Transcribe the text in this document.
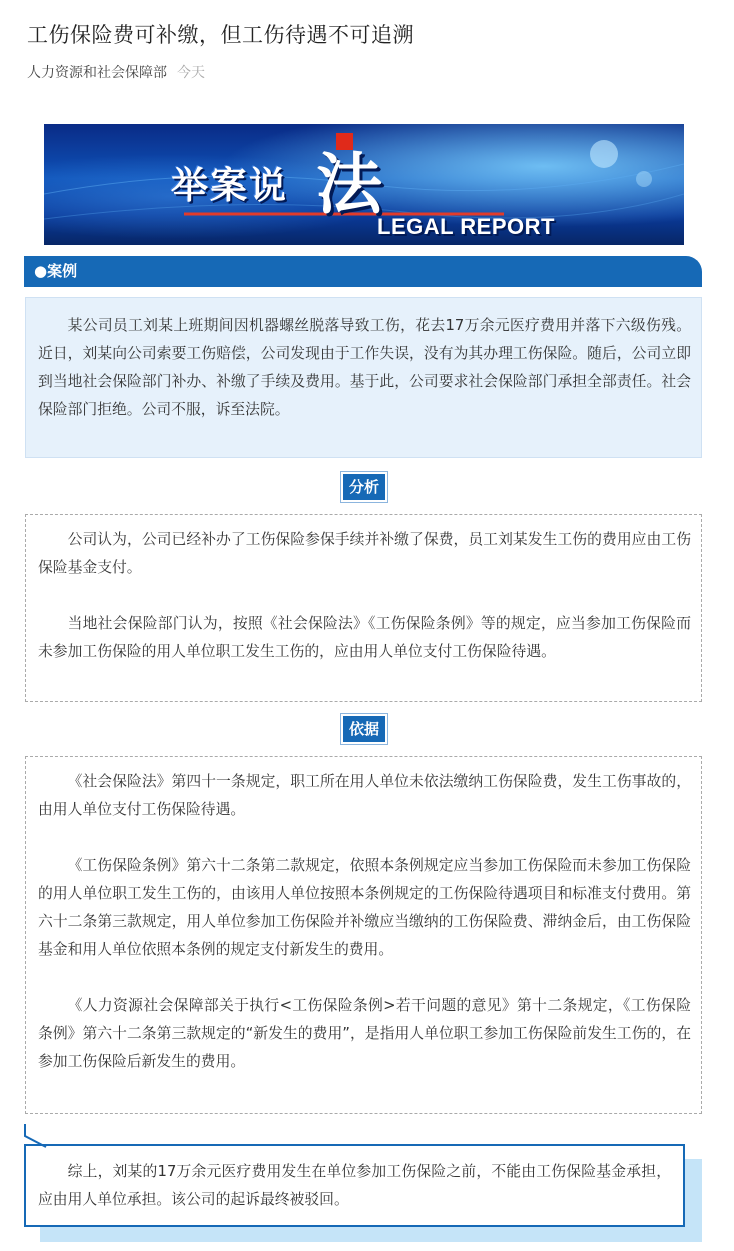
工伤保险费可补缴，但工伤待遇不可追溯
人力资源和社会保障部 今天
举案说 法
LEGAL REPORT
●案例

某公司员工刘某上班期间因机器螺丝脱落导致工伤，花去17万余元医疗费用并落下六级伤残。近日，刘某向公司索要工伤赔偿，公司发现由于工作失误，没有为其办理工伤保险。随后，公司立即到当地社会保险部门补办、补缴了手续及费用。基于此，公司要求社会保险部门承担全部责任。社会保险部门拒绝。公司不服，诉至法院。

分析

公司认为，公司已经补办了工伤保险参保手续并补缴了保费，员工刘某发生工伤的费用应由工伤保险基金支付。

当地社会保险部门认为，按照《社会保险法》《工伤保险条例》等的规定，应当参加工伤保险而未参加工伤保险的用人单位职工发生工伤的，应由用人单位支付工伤保险待遇。

依据

《社会保险法》第四十一条规定，职工所在用人单位未依法缴纳工伤保险费，发生工伤事故的，由用人单位支付工伤保险待遇。

《工伤保险条例》第六十二条第二款规定，依照本条例规定应当参加工伤保险而未参加工伤保险的用人单位职工发生工伤的，由该用人单位按照本条例规定的工伤保险待遇项目和标准支付费用。第六十二条第三款规定，用人单位参加工伤保险并补缴应当缴纳的工伤保险费、滞纳金后，由工伤保险基金和用人单位依照本条例的规定支付新发生的费用。

《人力资源社会保障部关于执行<工伤保险条例>若干问题的意见》第十二条规定，《工伤保险条例》第六十二条第三款规定的“新发生的费用”，是指用人单位职工参加工伤保险前发生工伤的，在参加工伤保险后新发生的费用。

综上，刘某的17万余元医疗费用发生在单位参加工伤保险之前，不能由工伤保险基金承担，应由用人单位承担。该公司的起诉最终被驳回。
